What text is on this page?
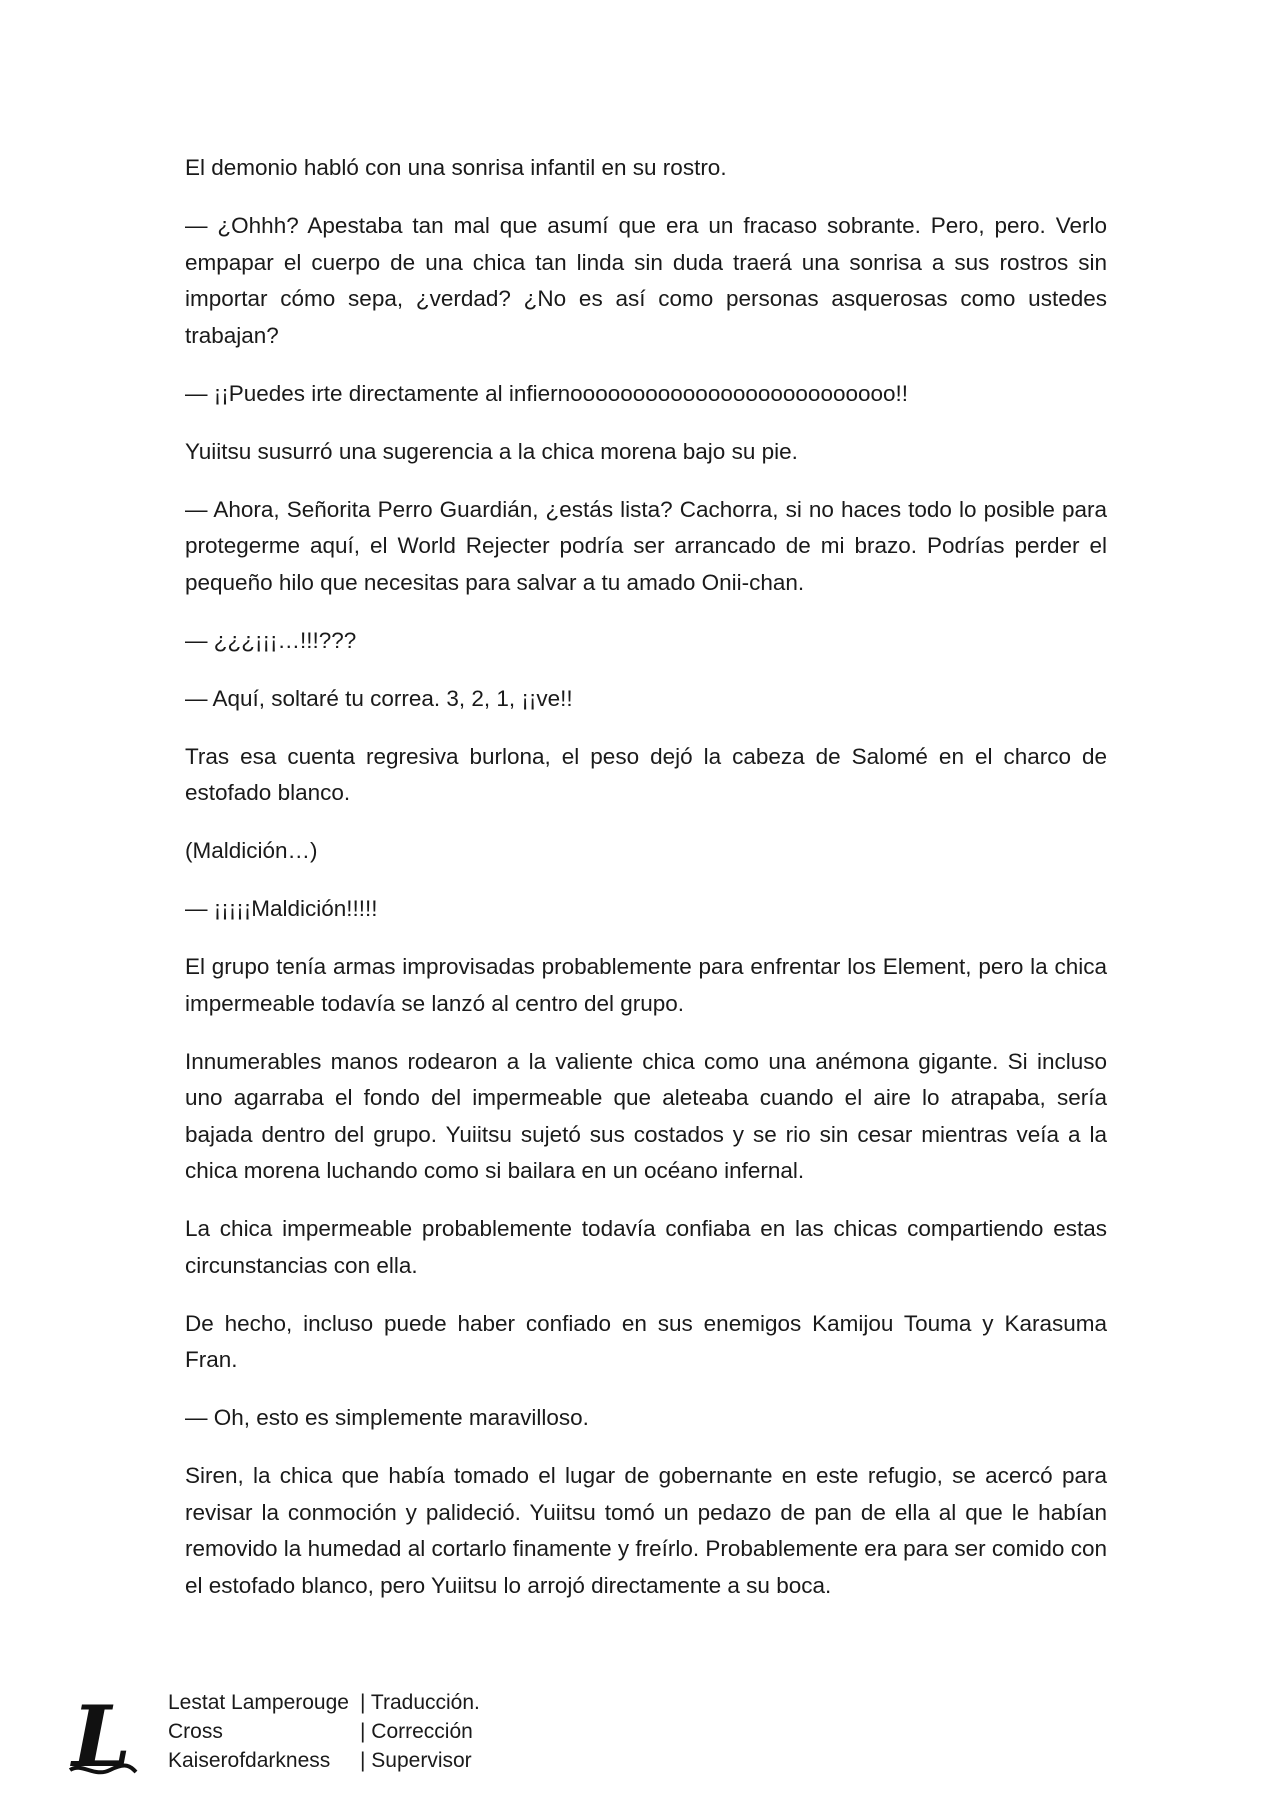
El demonio habló con una sonrisa infantil en su rostro.

— ¿Ohhh? Apestaba tan mal que asumí que era un fracaso sobrante. Pero, pero. Verlo empapar el cuerpo de una chica tan linda sin duda traerá una sonrisa a sus rostros sin importar cómo sepa, ¿verdad? ¿No es así como personas asquerosas como ustedes trabajan?

— ¡¡Puedes irte directamente al infiernoooooooooooooooooooooooooo!!

Yuiitsu susurró una sugerencia a la chica morena bajo su pie.

— Ahora, Señorita Perro Guardián, ¿estás lista? Cachorra, si no haces todo lo posible para protegerme aquí, el World Rejecter podría ser arrancado de mi brazo. Podrías perder el pequeño hilo que necesitas para salvar a tu amado Onii-chan.

— ¿¿¿¡¡¡…!!!???

— Aquí, soltaré tu correa. 3, 2, 1, ¡¡ve!!

Tras esa cuenta regresiva burlona, el peso dejó la cabeza de Salomé en el charco de estofado blanco.

(Maldición…)

— ¡¡¡¡¡Maldición!!!!!

El grupo tenía armas improvisadas probablemente para enfrentar los Element, pero la chica impermeable todavía se lanzó al centro del grupo.

Innumerables manos rodearon a la valiente chica como una anémona gigante. Si incluso uno agarraba el fondo del impermeable que aleteaba cuando el aire lo atrapaba, sería bajada dentro del grupo. Yuiitsu sujetó sus costados y se rio sin cesar mientras veía a la chica morena luchando como si bailara en un océano infernal.

La chica impermeable probablemente todavía confiaba en las chicas compartiendo estas circunstancias con ella.

De hecho, incluso puede haber confiado en sus enemigos Kamijou Touma y Karasuma Fran.

— Oh, esto es simplemente maravilloso.

Siren, la chica que había tomado el lugar de gobernante en este refugio, se acercó para revisar la conmoción y palideció. Yuiitsu tomó un pedazo de pan de ella al que le habían removido la humedad al cortarlo finamente y freírlo. Probablemente era para ser comido con el estofado blanco, pero Yuiitsu lo arrojó directamente a su boca.

L Lestat Lamperouge	| Traducción.
Cross	| Corrección
Kaiserofdarkness	| Supervisor
